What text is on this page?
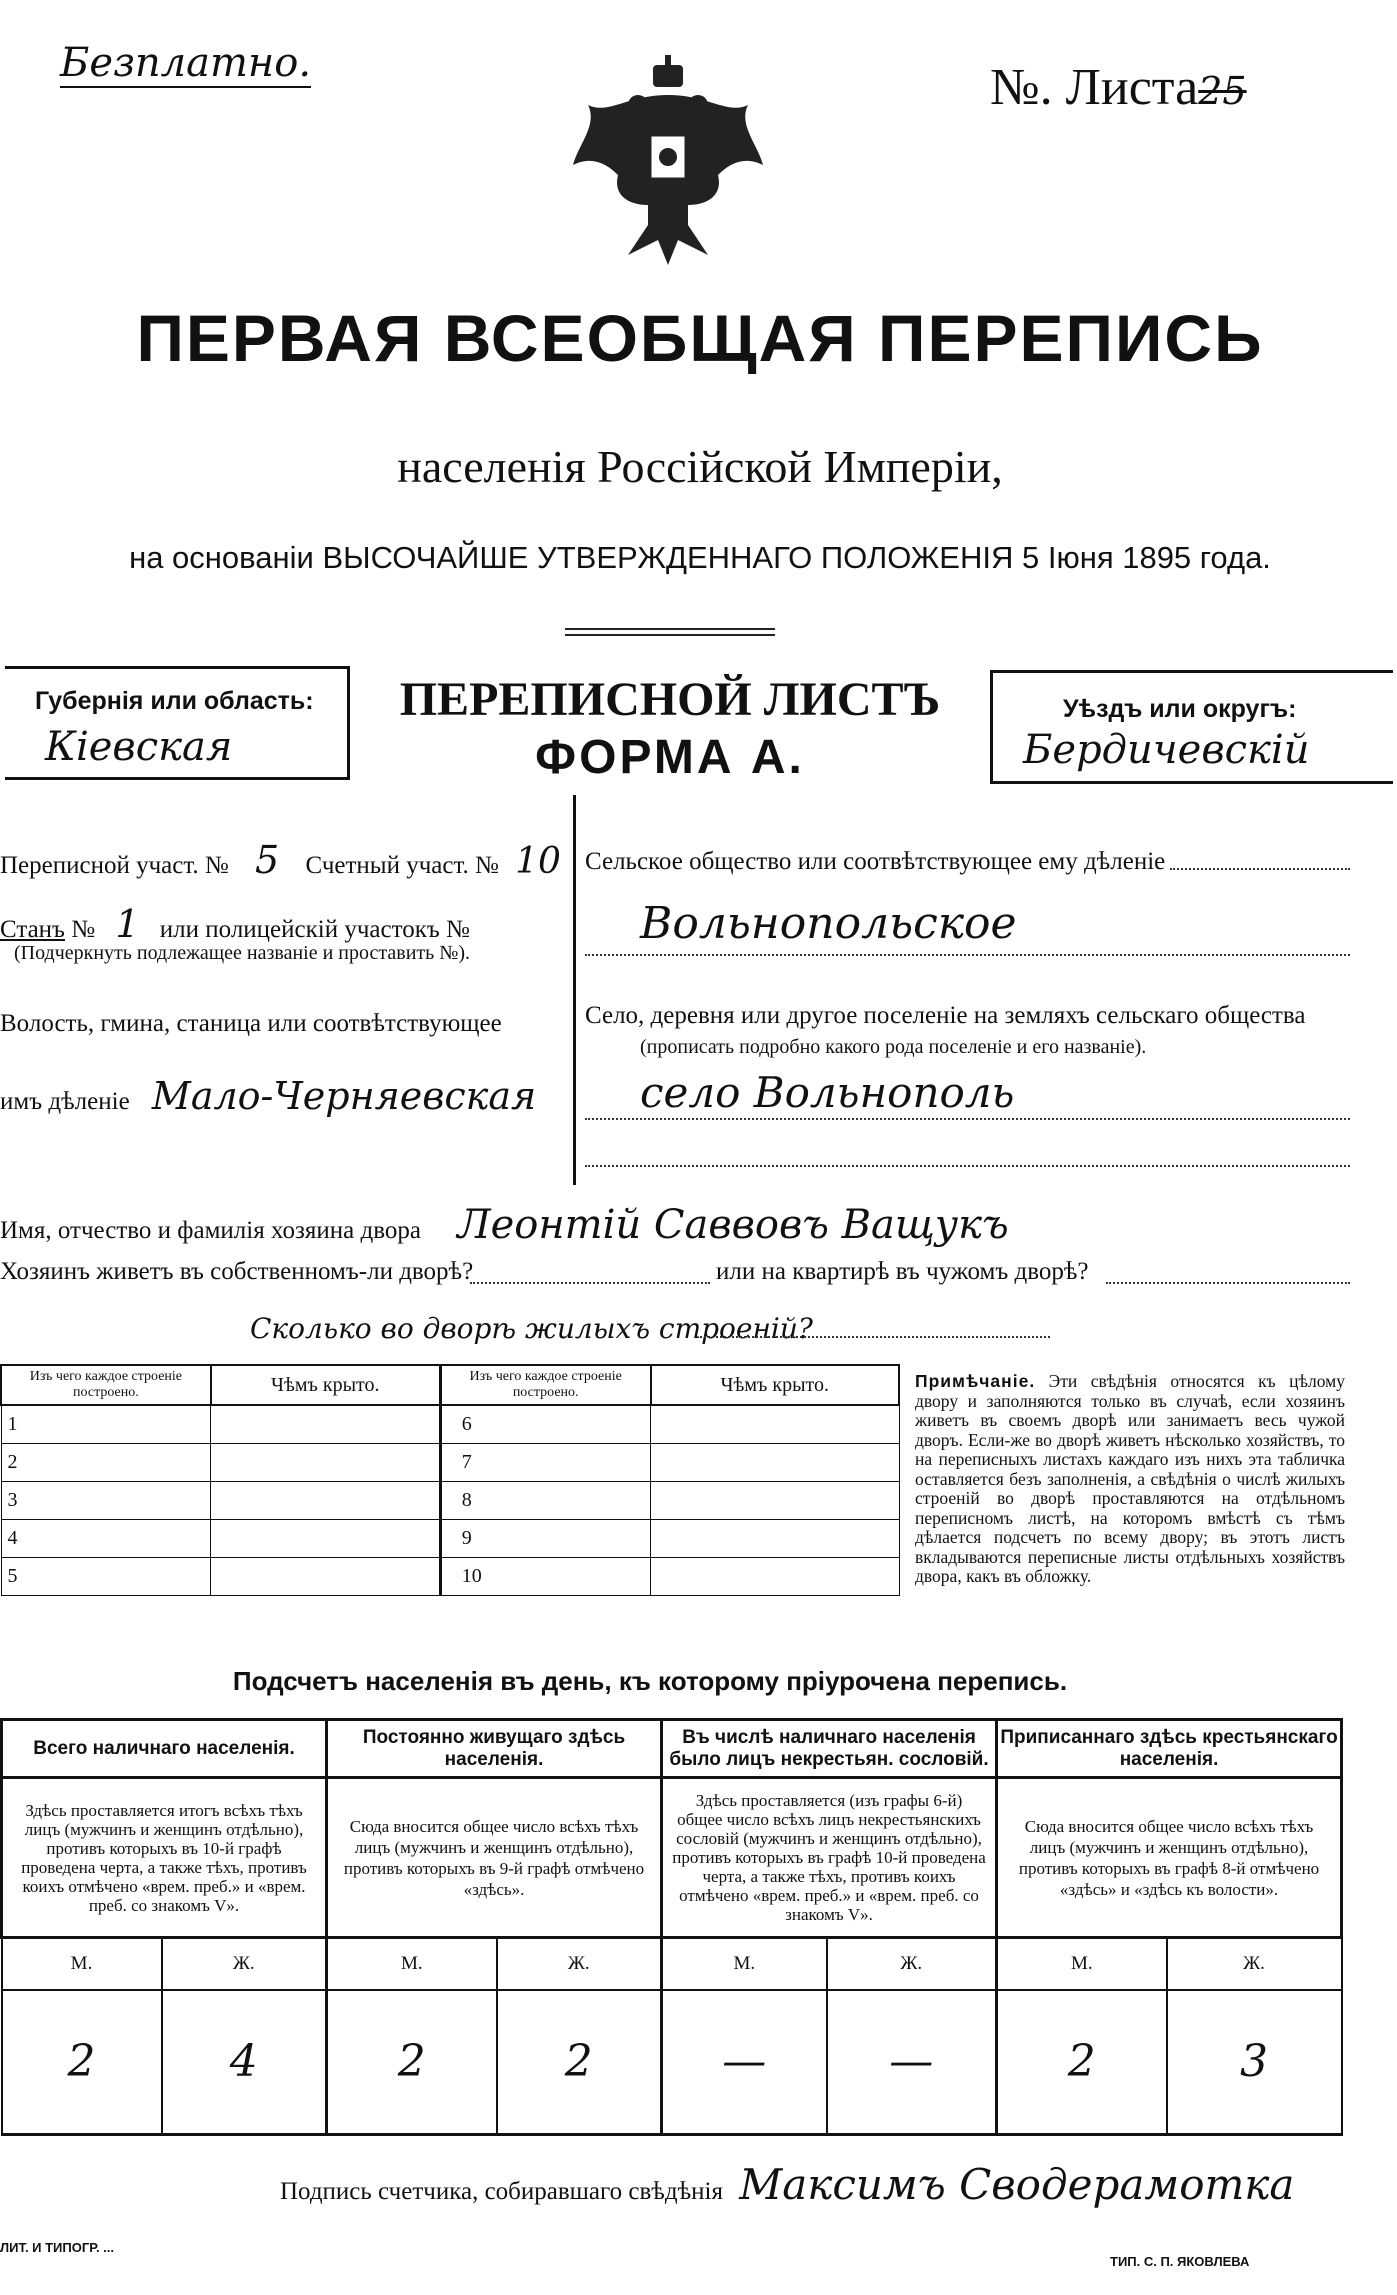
Безплатно.	№. Листа25
ПЕРВАЯ ВСЕОБЩАЯ ПЕРЕПИСЬ
населенія Россійской Имперіи,
на основаніи ВЫСОЧАЙШЕ УТВЕРЖДЕННАГО ПОЛОЖЕНІЯ 5 Іюня 1895 года.
Губернія или область:
Кіевская
ПЕРЕПИСНОЙ ЛИСТЪ
ФОРМА А.
Уѣздъ или округъ:
Бердичевскій
Переписной участ. № 5 Счетный участ. № 10
Станъ № 1 или полицейскій участокъ №
(Подчеркнуть подлежащее названіе и проставить №).
Волость, гмина, станица или соотвѣтствующее
имъ дѣленіе Мало-Черняевская
Сельское общество или соотвѣтствующее ему дѣленіе
Вольнопольское
Село, деревня или другое поселеніе на земляхъ сельскаго общества
(прописать подробно какого рода поселеніе и его названіе).
село Вольнополь
Имя, отчество и фамилія хозяина двора Леонтій Саввовъ Ващукъ
Хозяинъ живетъ въ собственномъ-ли дворѣ?	или на квартирѣ въ чужомъ дворѣ?
Сколько во дворѣ жилыхъ строеній?
Изъ чего каждое строеніе построено.	Чѣмъ крыто.	Изъ чего каждое строеніе построено.	Чѣмъ крыто.
1		6	
2		7	
3		8	
4		9	
5		10	
Примѣчаніе. Эти свѣдѣнія относятся къ цѣлому двору и заполняются только въ случаѣ, если хозяинъ живетъ въ своемъ дворѣ или занимаетъ весь чужой дворъ. Если-же во дворѣ живетъ нѣсколько хозяйствъ, то на переписныхъ листахъ каждаго изъ нихъ эта табличка оставляется безъ заполненія, а свѣдѣнія о числѣ жилыхъ строеній во дворѣ проставляются на отдѣльномъ переписномъ листѣ, на которомъ вмѣстѣ съ тѣмъ дѣлается подсчетъ по всему двору; въ этотъ листъ вкладываются переписные листы отдѣльныхъ хозяйствъ двора, какъ въ обложку.
Подсчетъ населенія въ день, къ которому пріурочена перепись.
Всего наличнаго населенія.		Постоянно живущаго здѣсь населенія.		Въ числѣ наличнаго населенія было лицъ некрестьян. сословій.		Приписаннаго здѣсь крестьянскаго населенія.	
Здѣсь проставляется итогъ всѣхъ тѣхъ лицъ (мужчинъ и женщинъ отдѣльно), противъ которыхъ въ 10-й графѣ проведена черта, а также тѣхъ, противъ коихъ отмѣчено «врем. преб.» и «врем. преб. со знакомъ V».		Сюда вносится общее число всѣхъ тѣхъ лицъ (мужчинъ и женщинъ отдѣльно), противъ которыхъ въ 9-й графѣ отмѣчено «здѣсь».		Здѣсь проставляется (изъ графы 6-й) общее число всѣхъ лицъ некрестьянскихъ сословій (мужчинъ и женщинъ отдѣльно), противъ которыхъ въ графѣ 10-й проведена черта, а также тѣхъ, противъ коихъ отмѣчено «врем. преб.» и «врем. преб. со знакомъ V».		Сюда вносится общее число всѣхъ тѣхъ лицъ (мужчинъ и женщинъ отдѣльно), противъ которыхъ въ графѣ 8-й отмѣчено «здѣсь» и «здѣсь къ волости».	
М.	Ж.	М.	Ж.	М.	Ж.	М.	Ж.
2	4	2	2	—	—	2	3
Подпись счетчика, собиравшаго свѣдѣнія Максимъ Сводерамотка
ЛИТ. И ТИПОГР. ...
ТИП. С. П. ЯКОВЛЕВА
